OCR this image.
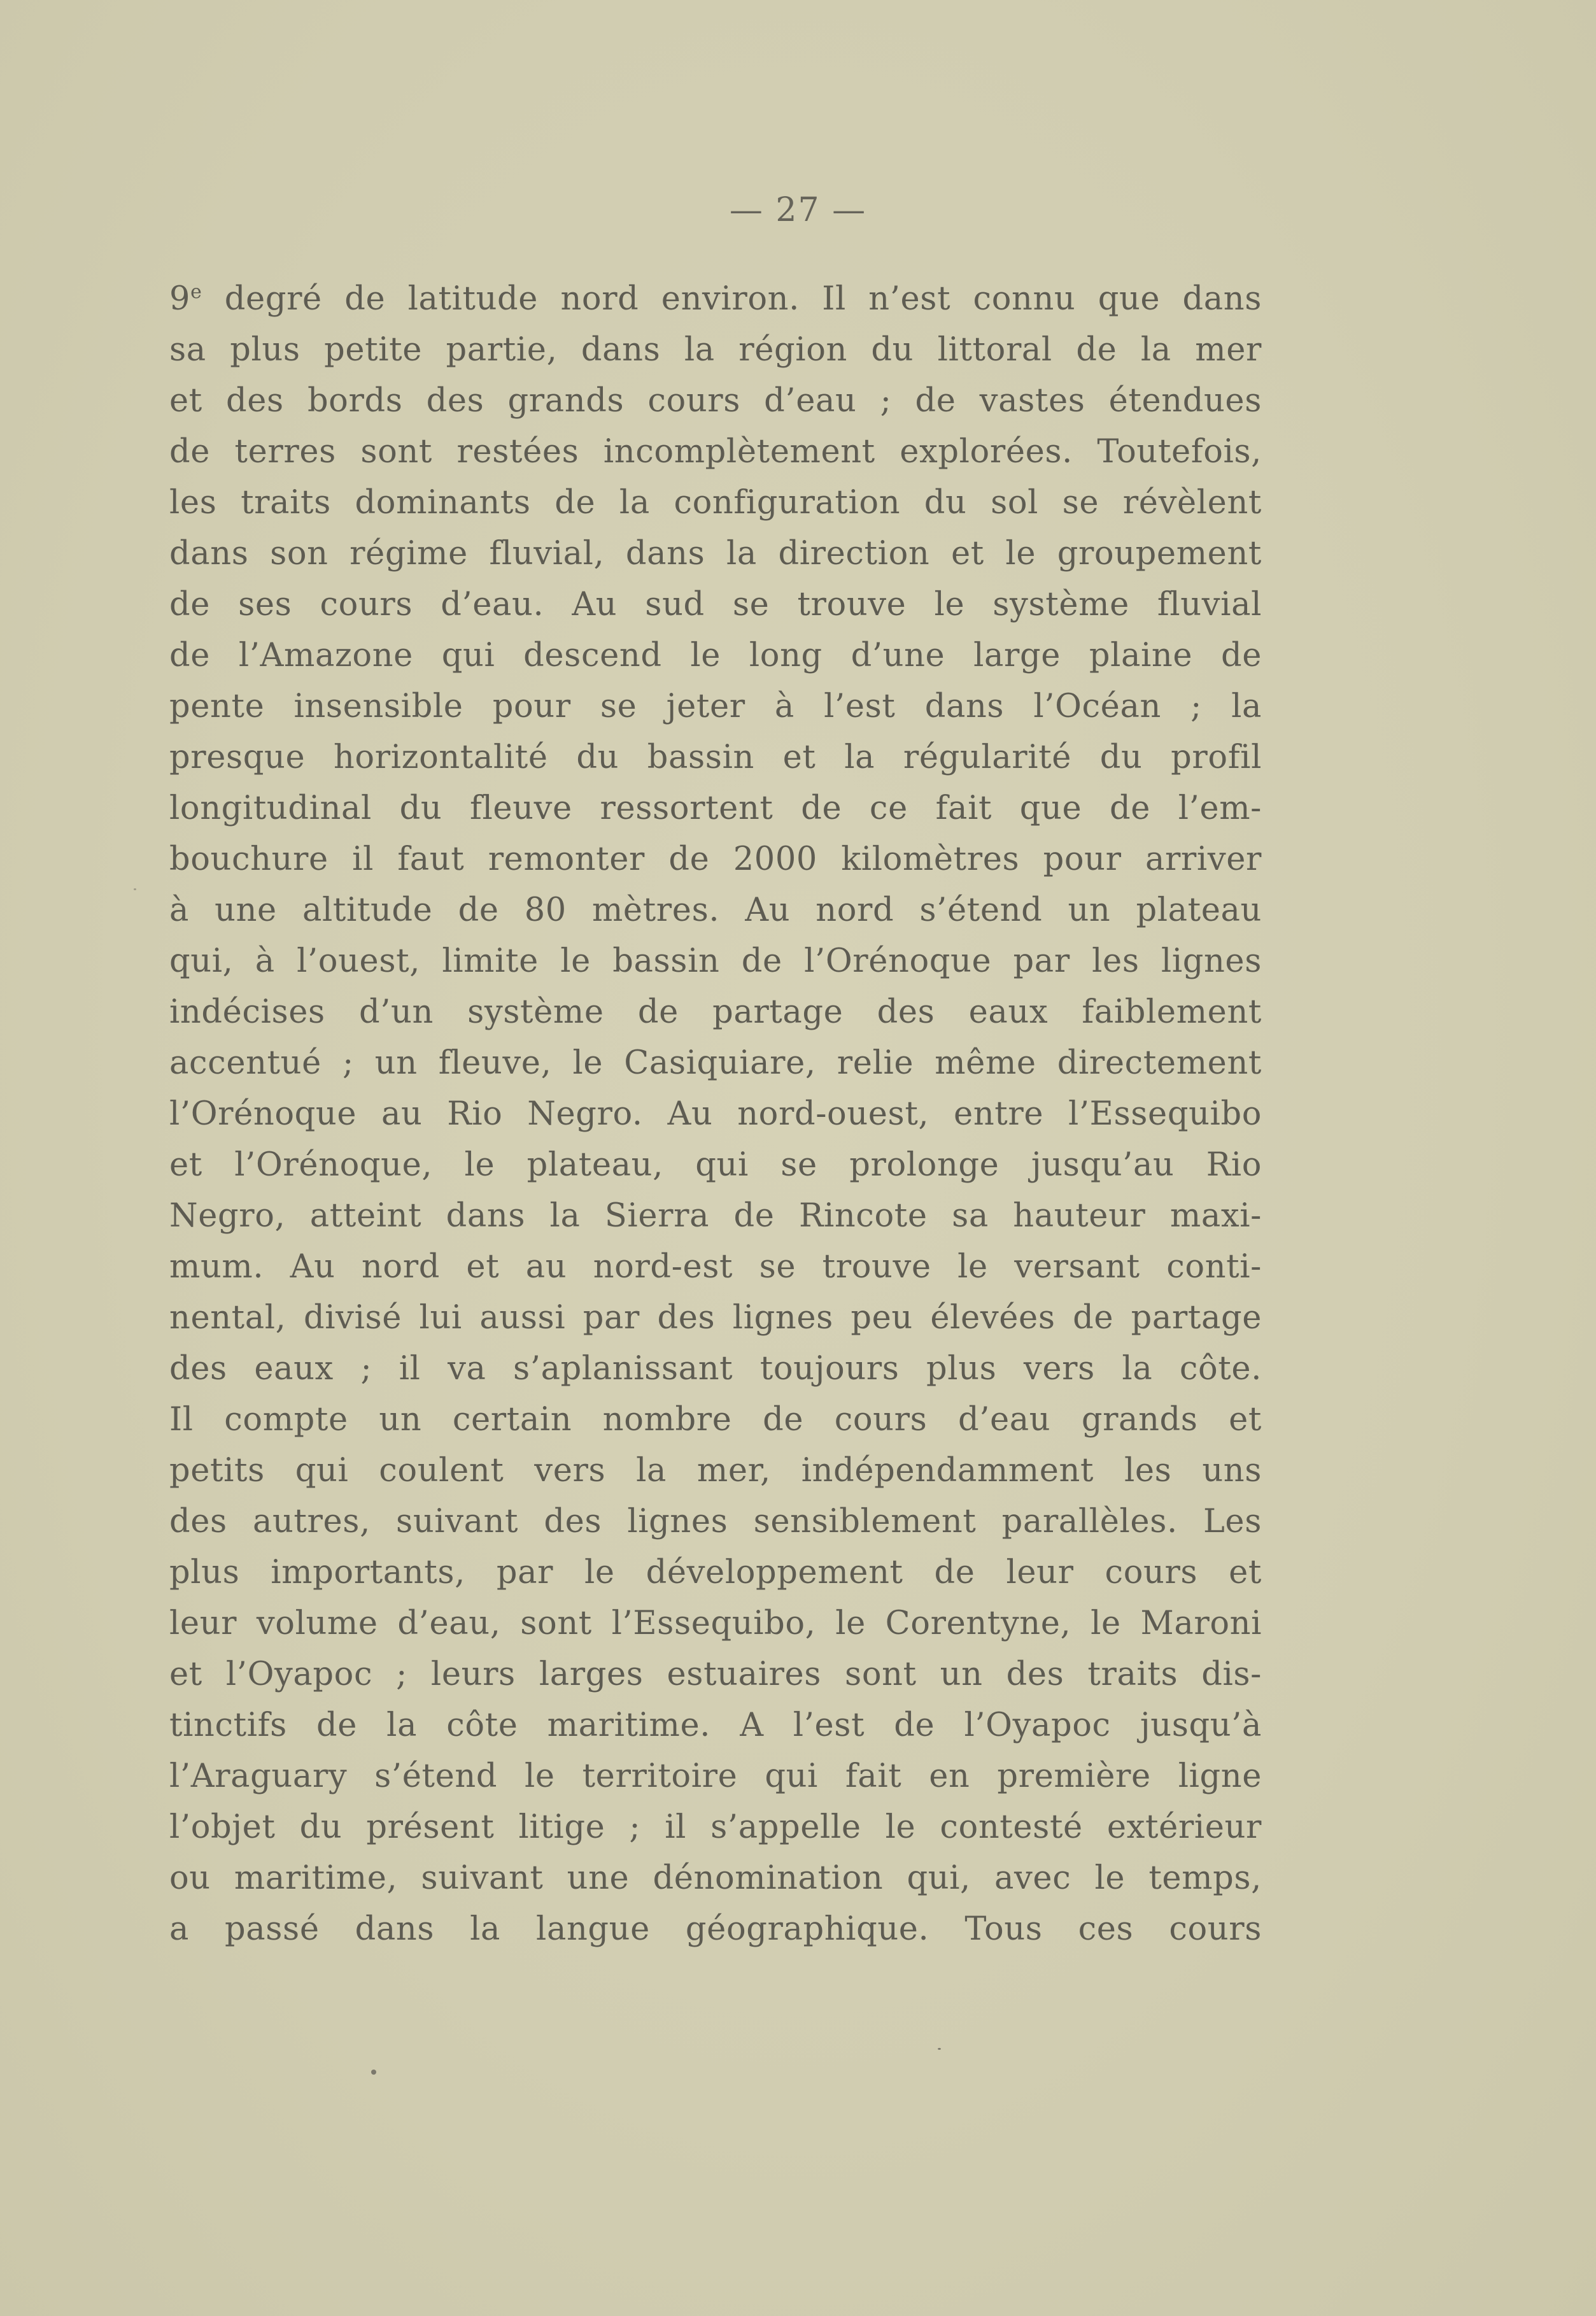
— 27 —
9e degré de latitude nord environ. Il n’est connu que dans
sa plus petite partie, dans la région du littoral de la mer
et des bords des grands cours d’eau ; de vastes étendues
de terres sont restées incomplètement explorées. Toutefois,
les traits dominants de la configuration du sol se révèlent
dans son régime fluvial, dans la direction et le groupement
de ses cours d’eau. Au sud se trouve le système fluvial
de l’Amazone qui descend le long d’une large plaine de
pente insensible pour se jeter à l’est dans l’Océan ; la
presque horizontalité du bassin et la régularité du profil
longitudinal du fleuve ressortent de ce fait que de l’em-
bouchure il faut remonter de 2000 kilomètres pour arriver
à une altitude de 80 mètres. Au nord s’étend un plateau
qui, à l’ouest, limite le bassin de l’Orénoque par les lignes
indécises d’un système de partage des eaux faiblement
accentué ; un fleuve, le Casiquiare, relie même directement
l’Orénoque au Rio Negro. Au nord-ouest, entre l’Essequibo
et l’Orénoque, le plateau, qui se prolonge jusqu’au Rio
Negro, atteint dans la Sierra de Rincote sa hauteur maxi-
mum. Au nord et au nord-est se trouve le versant conti-
nental, divisé lui aussi par des lignes peu élevées de partage
des eaux ; il va s’aplanissant toujours plus vers la côte.
Il compte un certain nombre de cours d’eau grands et
petits qui coulent vers la mer, indépendamment les uns
des autres, suivant des lignes sensiblement parallèles. Les
plus importants, par le développement de leur cours et
leur volume d’eau, sont l’Essequibo, le Corentyne, le Maroni
et l’Oyapoc ; leurs larges estuaires sont un des traits dis-
tinctifs de la côte maritime. A l’est de l’Oyapoc jusqu’à
l’Araguary s’étend le territoire qui fait en première ligne
l’objet du présent litige ; il s’appelle le contesté extérieur
ou maritime, suivant une dénomination qui, avec le temps,
a passé dans la langue géographique. Tous ces cours
